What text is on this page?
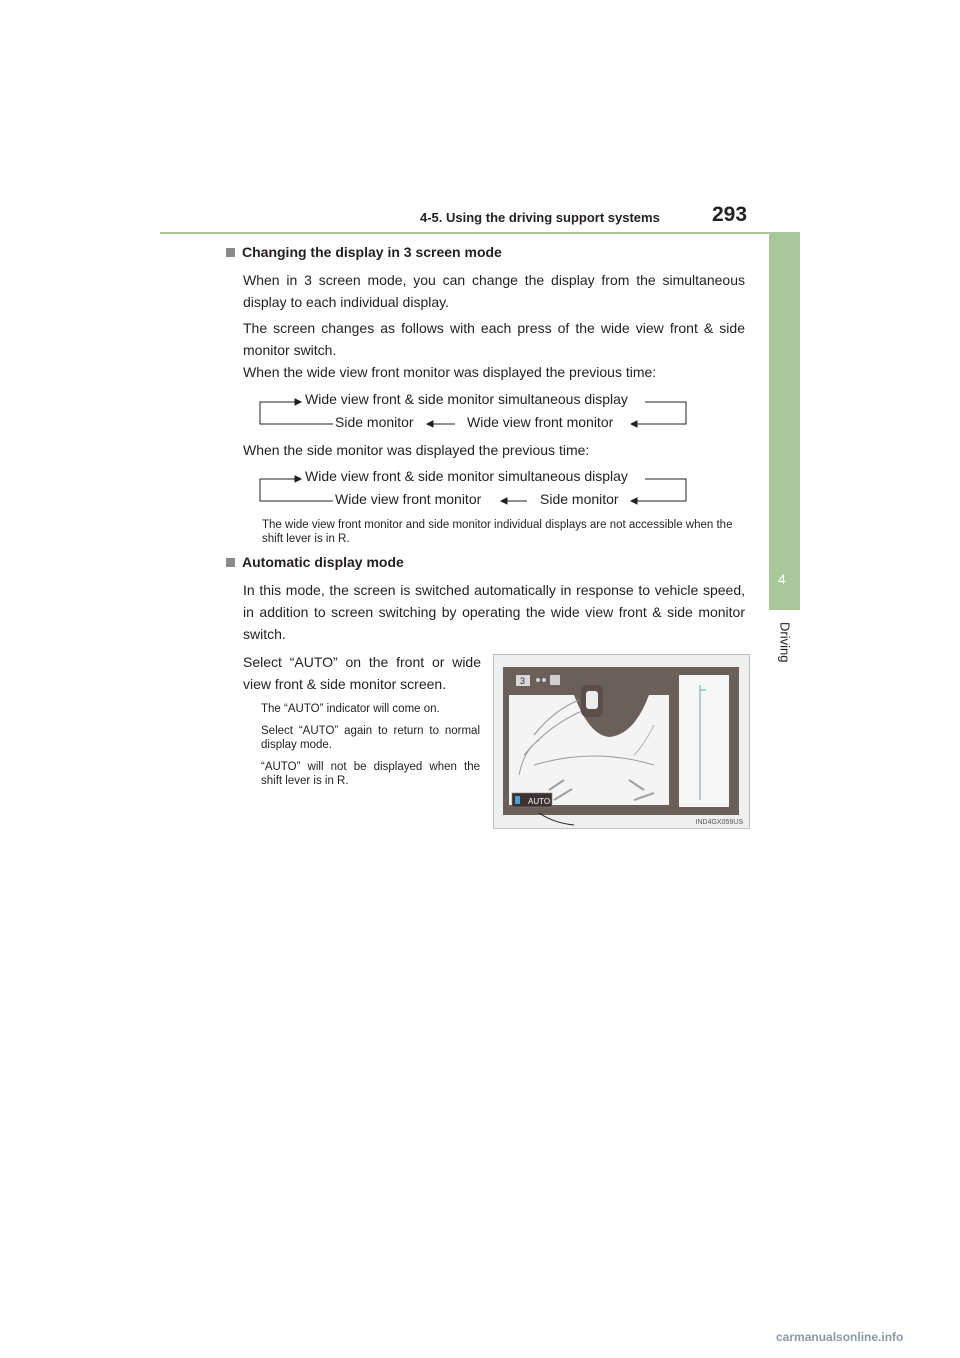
4-5. Using the driving support systems 293
4
Driving
Changing the display in 3 screen mode
When in 3 screen mode, you can change the display from the simultaneous display to each individual display.
The screen changes as follows with each press of the wide view front & side monitor switch.
When the wide view front monitor was displayed the previous time:
Wide view front & side monitor simultaneous display
Side monitor	Wide view front monitor
When the side monitor was displayed the previous time:
Wide view front & side monitor simultaneous display
Wide view front monitor	Side monitor
The wide view front monitor and side monitor individual displays are not accessible when the shift lever is in R.
Automatic display mode
In this mode, the screen is switched automatically in response to vehicle speed, in addition to screen switching by operating the wide view front & side monitor switch.
Select “AUTO” on the front or wide view front & side monitor screen.
The “AUTO” indicator will come on.
Select “AUTO” again to return to normal display mode.
“AUTO” will not be displayed when the shift lever is in R.
3
AUTO
IND4GX059US
carmanualsonline.info
